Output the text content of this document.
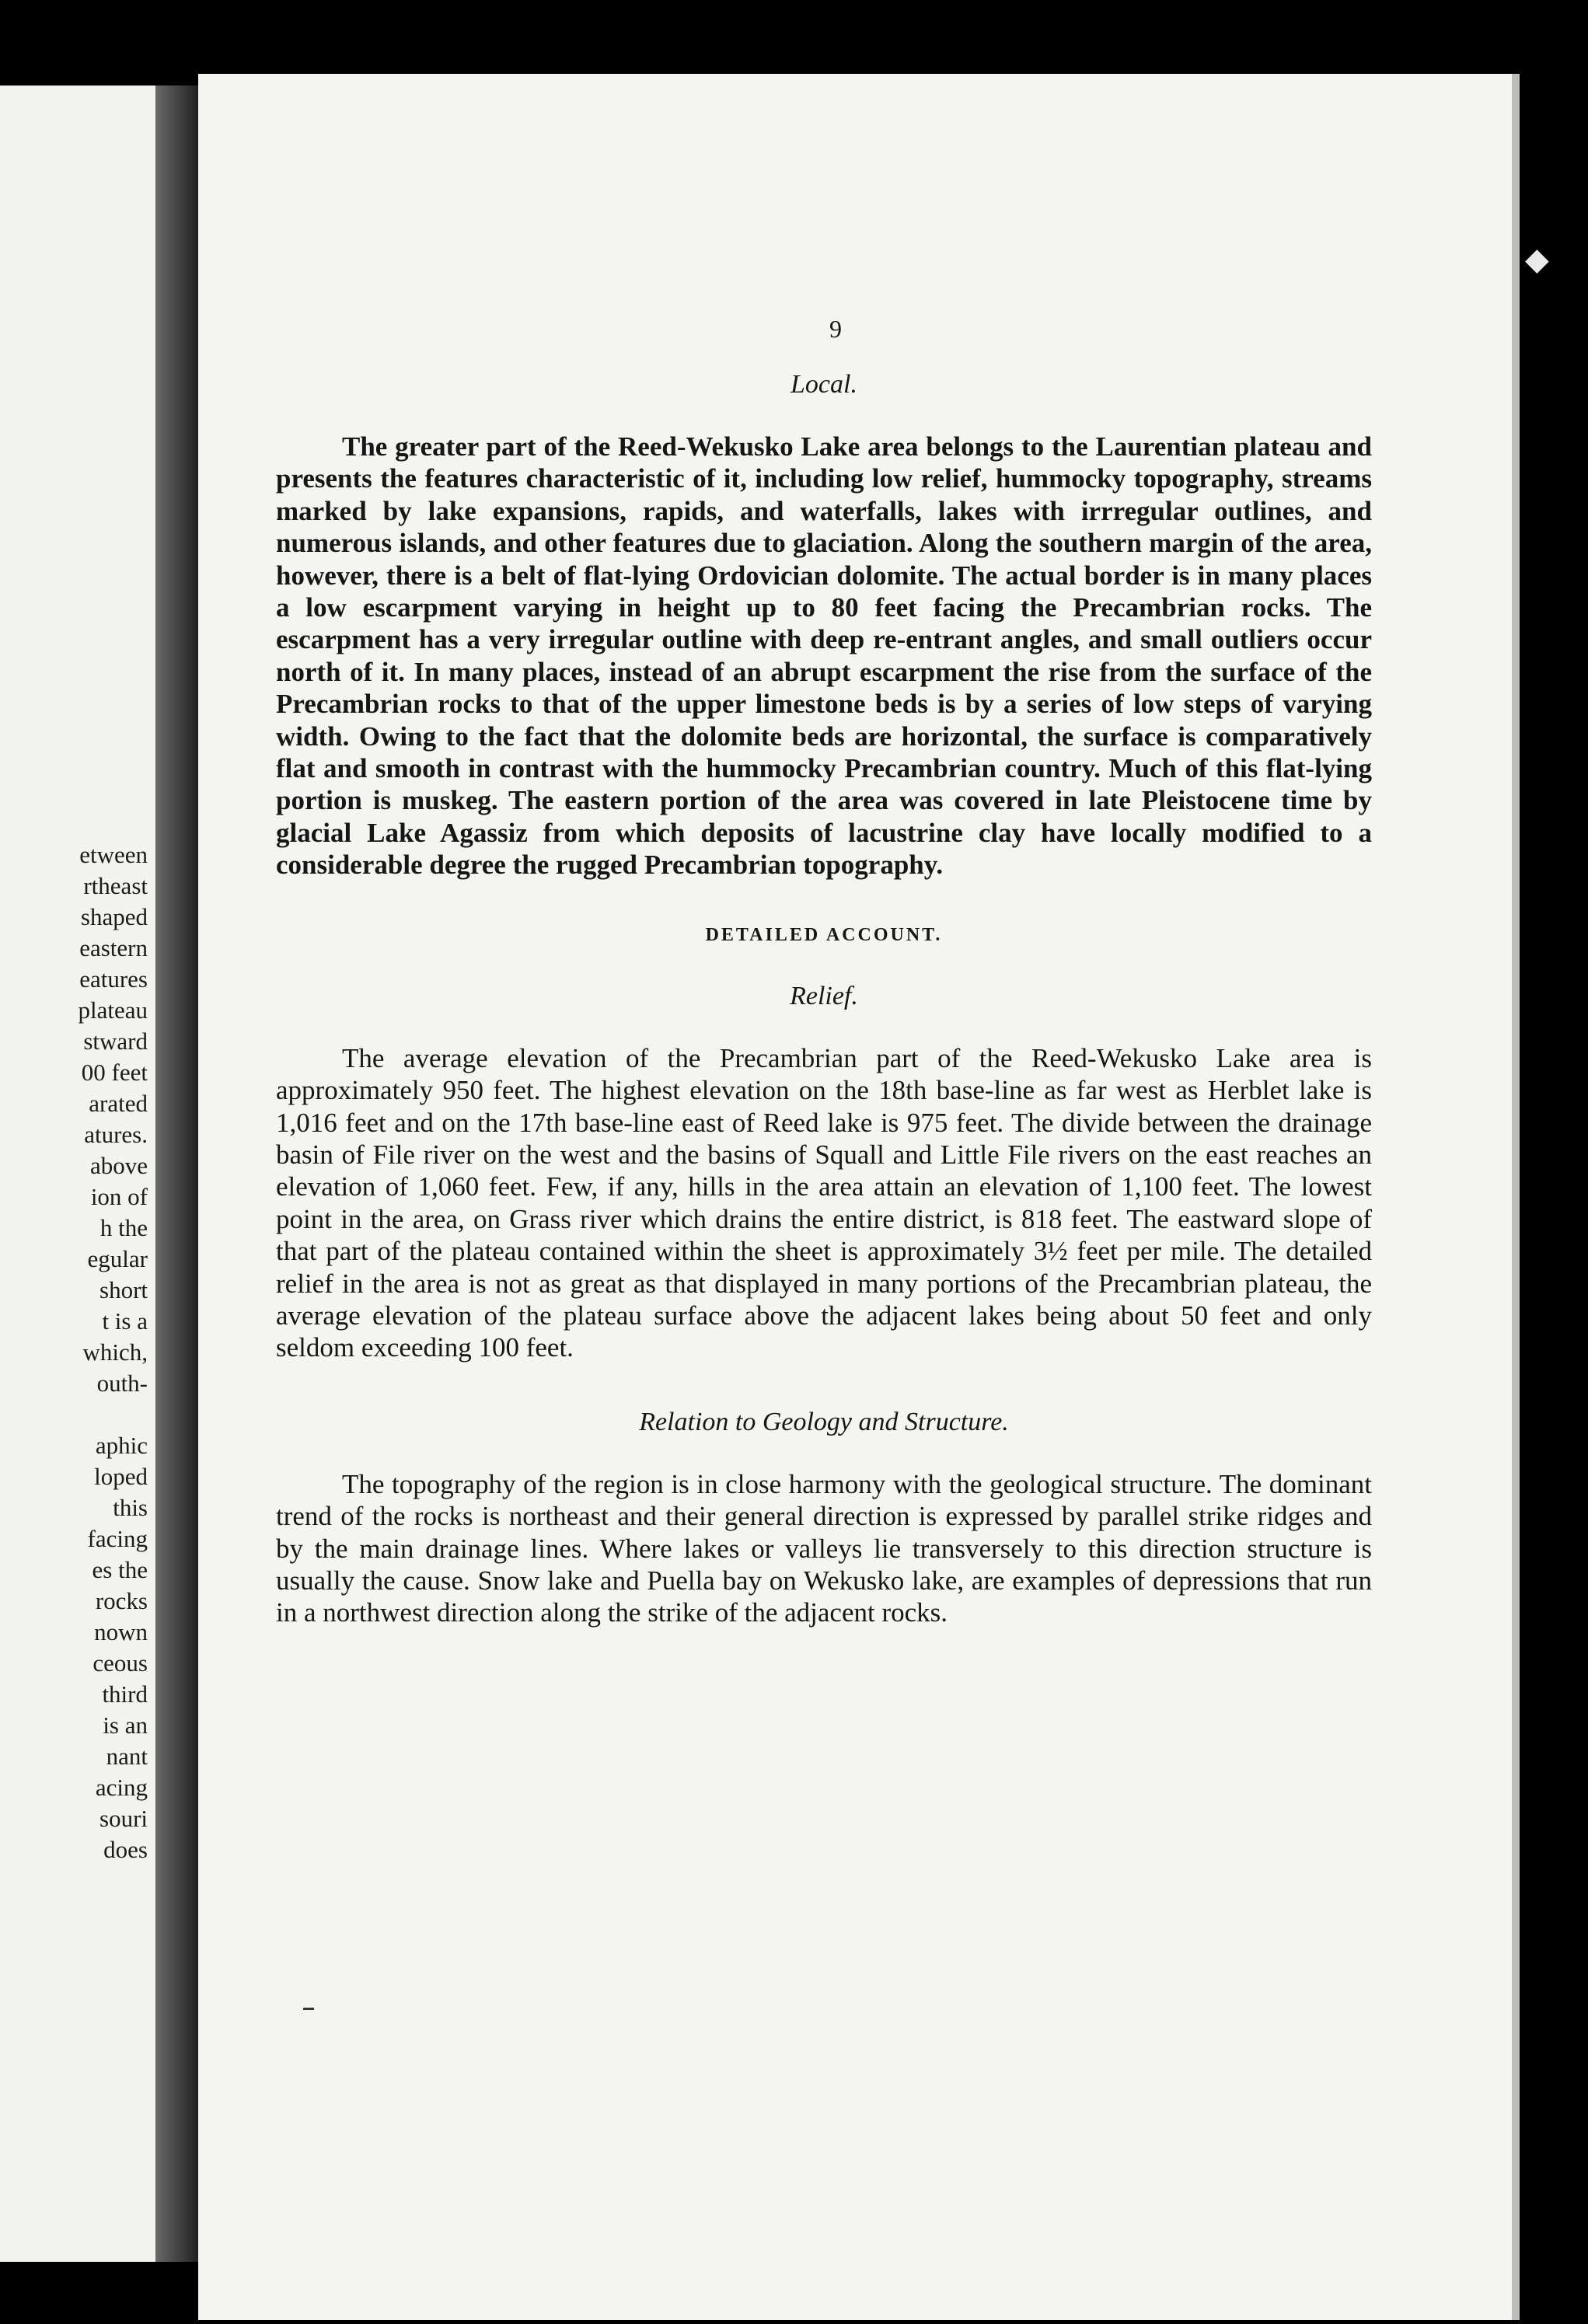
etween
rtheast
shaped
eastern
eatures
plateau
stward
00 feet
arated
atures.
above
ion of
h the
egular
short
t is a
which,
outh-
aphic
loped
this
facing
es the
rocks
nown
ceous
third
is an
nant
acing
souri
does
9
Local.

The greater part of the Reed-Wekusko Lake area belongs to the Laurentian plateau and presents the features characteristic of it, including low relief, hummocky topography, streams marked by lake expansions, rapids, and waterfalls, lakes with irrregular outlines, and numerous islands, and other features due to glaciation. Along the southern margin of the area, however, there is a belt of flat-lying Ordovician dolomite. The actual border is in many places a low escarpment varying in height up to 80 feet facing the Precambrian rocks. The escarpment has a very irregular outline with deep re-entrant angles, and small outliers occur north of it. In many places, instead of an abrupt escarpment the rise from the surface of the Precambrian rocks to that of the upper limestone beds is by a series of low steps of varying width. Owing to the fact that the dolomite beds are horizontal, the surface is comparatively flat and smooth in contrast with the hummocky Precambrian country. Much of this flat-lying portion is muskeg. The eastern portion of the area was covered in late Pleistocene time by glacial Lake Agassiz from which deposits of lacustrine clay have locally modified to a considerable degree the rugged Precambrian topography.

DETAILED ACCOUNT.
Relief.

The average elevation of the Precambrian part of the Reed-Wekusko Lake area is approximately 950 feet. The highest elevation on the 18th base-line as far west as Herblet lake is 1,016 feet and on the 17th base-line east of Reed lake is 975 feet. The divide between the drainage basin of File river on the west and the basins of Squall and Little File rivers on the east reaches an elevation of 1,060 feet. Few, if any, hills in the area attain an elevation of 1,100 feet. The lowest point in the area, on Grass river which drains the entire district, is 818 feet. The eastward slope of that part of the plateau contained within the sheet is approximately 3½ feet per mile. The detailed relief in the area is not as great as that displayed in many portions of the Precambrian plateau, the average elevation of the plateau surface above the adjacent lakes being about 50 feet and only seldom exceeding 100 feet.

Relation to Geology and Structure.

The topography of the region is in close harmony with the geological structure. The dominant trend of the rocks is northeast and their general direction is expressed by parallel strike ridges and by the main drainage lines. Where lakes or valleys lie transversely to this direction structure is usually the cause. Snow lake and Puella bay on Wekusko lake, are examples of depressions that run in a northwest direction along the strike of the adjacent rocks.

◆
